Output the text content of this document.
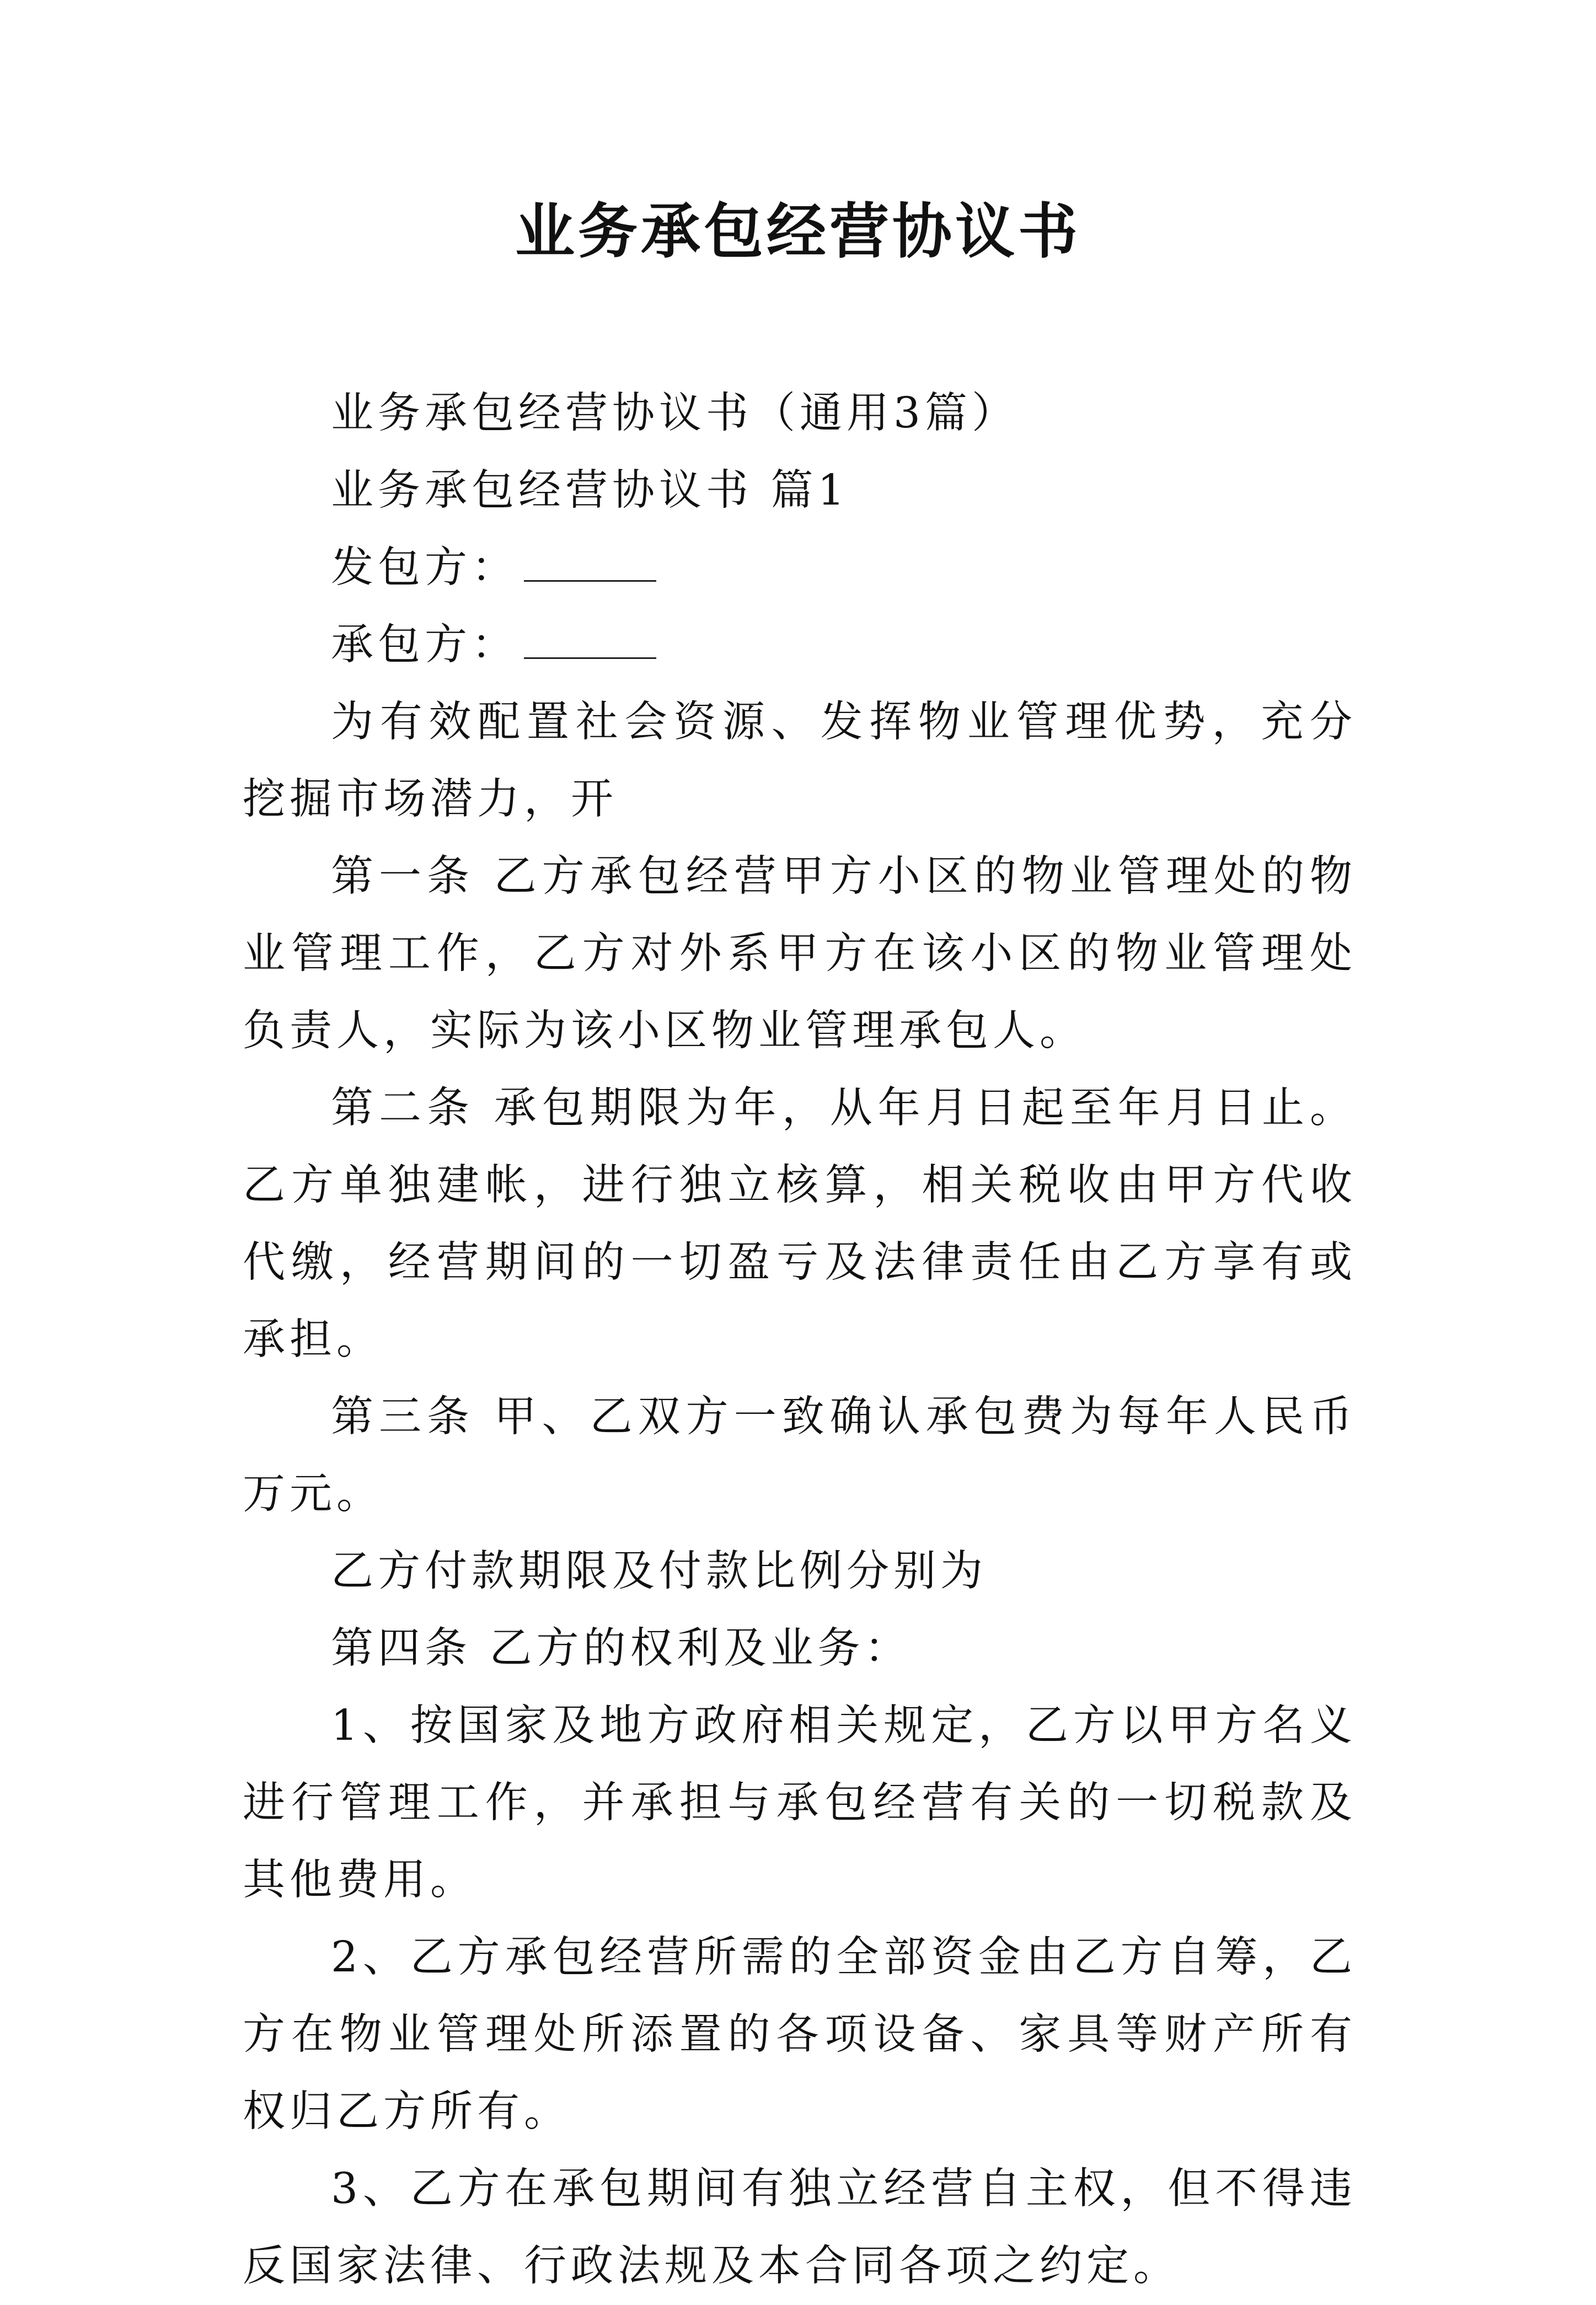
业务承包经营协议书

业务承包经营协议书（通用3篇）

业务承包经营协议书 篇1

发包方：

承包方：

为有效配置社会资源、发挥物业管理优势，充分挖掘市场潜力，开

第一条 乙方承包经营甲方小区的物业管理处的物业管理工作，乙方对外系甲方在该小区的物业管理处负责人，实际为该小区物业管理承包人。

第二条 承包期限为年，从年月日起至年月日止。乙方单独建帐，进行独立核算，相关税收由甲方代收代缴，经营期间的一切盈亏及法律责任由乙方享有或承担。

第三条 甲、乙双方一致确认承包费为每年人民币万元。

乙方付款期限及付款比例分别为

第四条 乙方的权利及业务：

1、按国家及地方政府相关规定，乙方以甲方名义进行管理工作，并承担与承包经营有关的一切税款及其他费用。

2、乙方承包经营所需的全部资金由乙方自筹，乙方在物业管理处所添置的各项设备、家具等财产所有权归乙方所有。

3、乙方在承包期间有独立经营自主权，但不得违反国家法律、行政法规及本合同各项之约定。
